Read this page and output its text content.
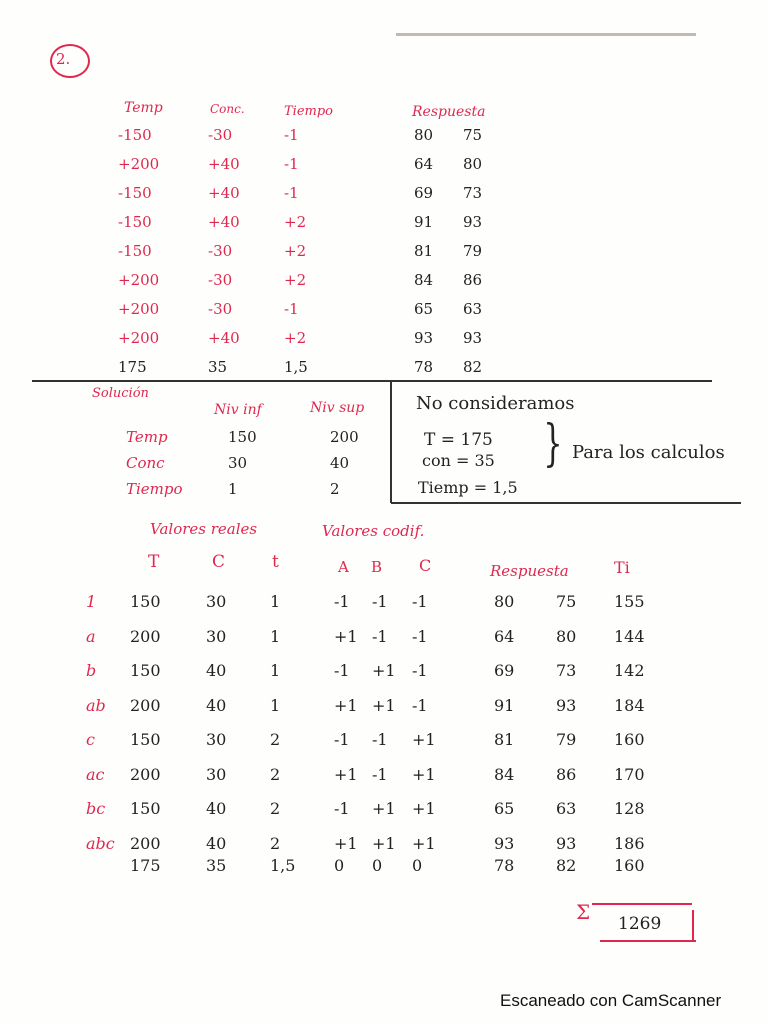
2.
Temp	Conc.	Tiempo	Respuesta
-150	-30	-1	80 75
+200	+40	-1	64 80
-150	+40	-1	69 73
-150	+40	+2	91 93
-150	-30	+2	81 79
+200	-30	+2	84 86
+200	-30	-1	65 63
+200	+40	+2	93 93
175	35	1,5	78 82
Solución
Niv inf	Niv sup
Temp	150	200
Conc	30	40
Tiempo	1	2
No consideramos
T = 175
con = 35 } Para los calculos
Tiemp = 1,5
Valores reales	Valores codif.
T	C	t	A B C	Respuesta	Ti
1 150	30	1	-1 -1 -1	80	75 155
a 200	30	1	+1 -1 -1	64	80 144
b 150	40	1	-1 +1 -1	69	73 142
ab 200	40	1	+1 +1 -1	91	93 184
c 150	30	2	-1 -1 +1	81	79 160
ac 200	30	2	+1 -1 +1	84	86 170
bc 150	40	2	-1 +1 +1	65	63 128
abc 200	40	2	+1 +1 +1	93	93 186
175	35	1,5 0 0 0	78	82 160
Σ 1269
Escaneado con CamScanner
